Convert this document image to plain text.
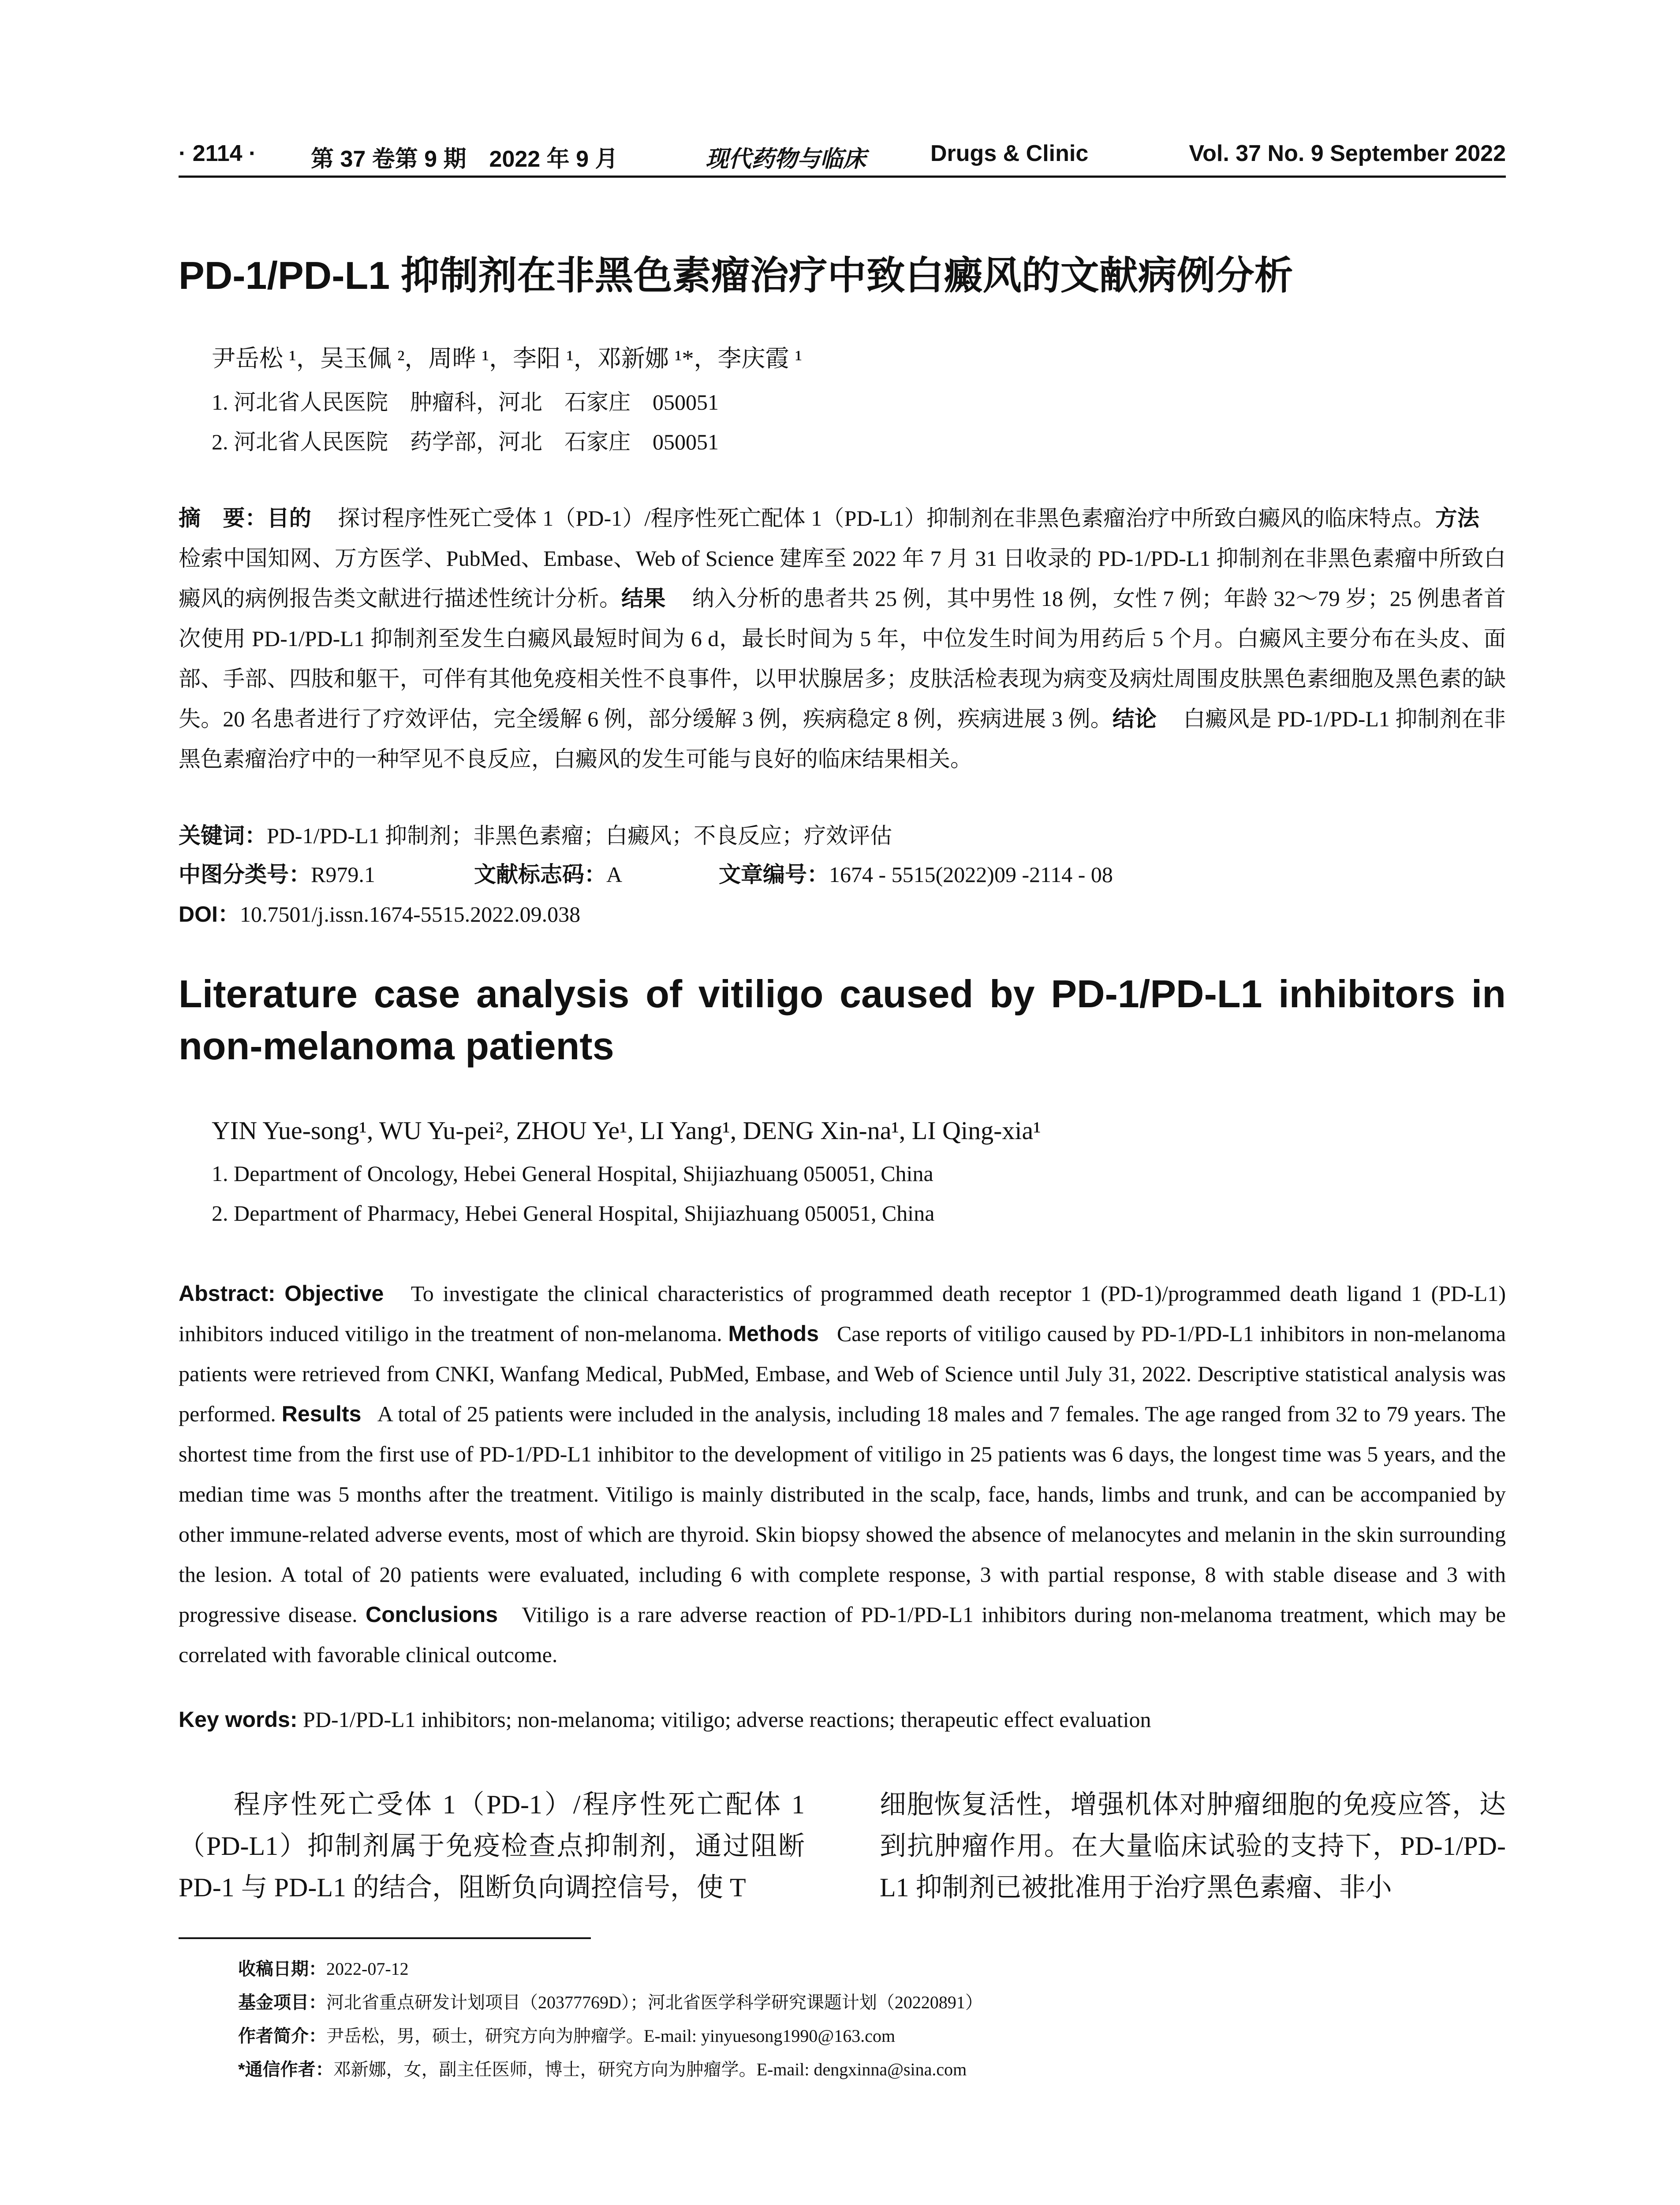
· 2114 · 第 37 卷第 9 期　2022 年 9 月	现代药物与临床	Drugs & Clinic	Vol. 37 No. 9 September 2022
PD-1/PD-L1 抑制剂在非黑色素瘤治疗中致白癜风的文献病例分析
尹岳松 ¹，吴玉佩 ²，周晔 ¹，李阳 ¹，邓新娜 ¹*，李庆霞 ¹
1. 河北省人民医院　肿瘤科，河北　石家庄　050051
2. 河北省人民医院　药学部，河北　石家庄　050051
摘　要：目的 探讨程序性死亡受体 1（PD-1）/程序性死亡配体 1（PD-L1）抑制剂在非黑色素瘤治疗中所致白癜风的临床特点。方法检索中国知网、万方医学、PubMed、Embase、Web of Science 建库至 2022 年 7 月 31 日收录的 PD-1/PD-L1 抑制剂在非黑色素瘤中所致白癜风的病例报告类文献进行描述性统计分析。结果 纳入分析的患者共 25 例，其中男性 18 例，女性 7 例；年龄 32～79 岁；25 例患者首次使用 PD-1/PD-L1 抑制剂至发生白癜风最短时间为 6 d，最长时间为 5 年，中位发生时间为用药后 5 个月。白癜风主要分布在头皮、面部、手部、四肢和躯干，可伴有其他免疫相关性不良事件，以甲状腺居多；皮肤活检表现为病变及病灶周围皮肤黑色素细胞及黑色素的缺失。20 名患者进行了疗效评估，完全缓解 6 例，部分缓解 3 例，疾病稳定 8 例，疾病进展 3 例。结论 白癜风是 PD-1/PD-L1 抑制剂在非黑色素瘤治疗中的一种罕见不良反应，白癜风的发生可能与良好的临床结果相关。
关键词：PD-1/PD-L1 抑制剂；非黑色素瘤；白癜风；不良反应；疗效评估
中图分类号：R979.1	文献标志码：A	文章编号：1674 - 5515(2022)09 -2114 - 08
DOI：10.7501/j.issn.1674-5515.2022.09.038
Literature case analysis of vitiligo caused by PD-1/PD-L1 inhibitors in non-melanoma patients
YIN Yue-song¹, WU Yu-pei², ZHOU Ye¹, LI Yang¹, DENG Xin-na¹, LI Qing-xia¹
1. Department of Oncology, Hebei General Hospital, Shijiazhuang 050051, China
2. Department of Pharmacy, Hebei General Hospital, Shijiazhuang 050051, China
Abstract: Objective To investigate the clinical characteristics of programmed death receptor 1 (PD-1)/programmed death ligand 1 (PD-L1) inhibitors induced vitiligo in the treatment of non-melanoma. Methods Case reports of vitiligo caused by PD-1/PD-L1 inhibitors in non-melanoma patients were retrieved from CNKI, Wanfang Medical, PubMed, Embase, and Web of Science until July 31, 2022. Descriptive statistical analysis was performed. Results A total of 25 patients were included in the analysis, including 18 males and 7 females. The age ranged from 32 to 79 years. The shortest time from the first use of PD-1/PD-L1 inhibitor to the development of vitiligo in 25 patients was 6 days, the longest time was 5 years, and the median time was 5 months after the treatment. Vitiligo is mainly distributed in the scalp, face, hands, limbs and trunk, and can be accompanied by other immune-related adverse events, most of which are thyroid. Skin biopsy showed the absence of melanocytes and melanin in the skin surrounding the lesion. A total of 20 patients were evaluated, including 6 with complete response, 3 with partial response, 8 with stable disease and 3 with progressive disease. Conclusions Vitiligo is a rare adverse reaction of PD-1/PD-L1 inhibitors during non-melanoma treatment, which may be correlated with favorable clinical outcome.
Key words: PD-1/PD-L1 inhibitors; non-melanoma; vitiligo; adverse reactions; therapeutic effect evaluation
程序性死亡受体 1（PD-1）/程序性死亡配体 1（PD-L1）抑制剂属于免疫检查点抑制剂，通过阻断 PD-1 与 PD-L1 的结合，阻断负向调控信号，使 T
细胞恢复活性，增强机体对肿瘤细胞的免疫应答，达到抗肿瘤作用。在大量临床试验的支持下，PD-1/PD-L1 抑制剂已被批准用于治疗黑色素瘤、非小
收稿日期：2022-07-12
基金项目：河北省重点研发计划项目（20377769D）；河北省医学科学研究课题计划（20220891）
作者简介：尹岳松，男，硕士，研究方向为肿瘤学。E-mail: yinyuesong1990@163.com
*通信作者：邓新娜，女，副主任医师，博士，研究方向为肿瘤学。E-mail: dengxinna@sina.com
